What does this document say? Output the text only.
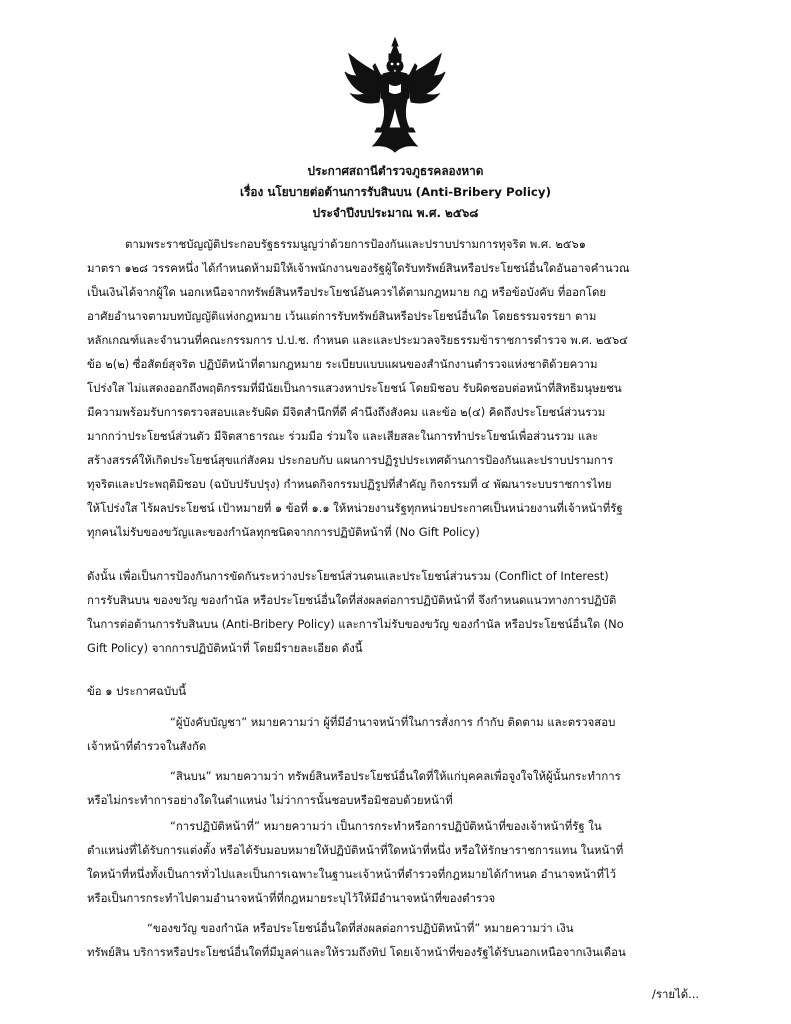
ประกาศสถานีตำรวจภูธรคลองหาด
เรื่อง นโยบายต่อต้านการรับสินบน (Anti-Bribery Policy)
ประจำปีงบประมาณ พ.ศ. ๒๕๖๘
ตามพระราชบัญญัติประกอบรัฐธรรมนูญว่าด้วยการป้องกันและปราบปรามการทุจริต พ.ศ. ๒๕๖๑
มาตรา ๑๒๘ วรรคหนึ่ง ได้กำหนดห้ามมิให้เจ้าพนักงานของรัฐผู้ใดรับทรัพย์สินหรือประโยชน์อื่นใดอันอาจคำนวณ
เป็นเงินได้จากผู้ใด นอกเหนือจากทรัพย์สินหรือประโยชน์อันควรได้ตามกฎหมาย กฎ หรือข้อบังคับ ที่ออกโดย
อาศัยอำนาจตามบทบัญญัติแห่งกฎหมาย เว้นแต่การรับทรัพย์สินหรือประโยชน์อื่นใด โดยธรรมจรรยา ตาม
หลักเกณฑ์และจำนวนที่คณะกรรมการ ป.ป.ช. กำหนด และและประมวลจริยธรรมข้าราชการตำรวจ พ.ศ. ๒๕๖๔
ข้อ ๒(๒) ซื่อสัตย์สุจริต ปฏิบัติหน้าที่ตามกฎหมาย ระเบียบแบบแผนของสำนักงานตำรวจแห่งชาติด้วยความ
โปร่งใส ไม่แสดงออกถึงพฤติกรรมที่มีนัยเป็นการแสวงหาประโยชน์ โดยมิชอบ รับผิดชอบต่อหน้าที่สิทธิมนุษยชน
มีความพร้อมรับการตรวจสอบและรับผิด มีจิตสำนึกที่ดี คำนึงถึงสังคม และข้อ ๒(๔) คิดถึงประโยชน์ส่วนรวม
มากกว่าประโยชน์ส่วนตัว มีจิตสาธารณะ ร่วมมือ ร่วมใจ และเสียสละในการทำประโยชน์เพื่อส่วนรวม และ
สร้างสรรค์ให้เกิดประโยชน์สุขแก่สังคม ประกอบกับ แผนการปฏิรูปประเทศด้านการป้องกันและปราบปรามการ
ทุจริตและประพฤติมิชอบ (ฉบับปรับปรุง) กำหนดกิจกรรมปฏิรูปที่สำคัญ กิจกรรมที่ ๔ พัฒนาระบบราชการไทย
ให้โปร่งใส ไร้ผลประโยชน์ เป้าหมายที่ ๑ ข้อที่ ๑.๑ ให้หน่วยงานรัฐทุกหน่วยประกาศเป็นหน่วยงานที่เจ้าหน้าที่รัฐ
ทุกคนไม่รับของขวัญและของกำนัลทุกชนิดจากการปฏิบัติหน้าที่ (No Gift Policy)
ดังนั้น เพื่อเป็นการป้องกันการขัดกันระหว่างประโยชน์ส่วนตนและประโยชน์ส่วนรวม (Conflict of Interest)
การรับสินบน ของขวัญ ของกำนัล หรือประโยชน์อื่นใดที่ส่งผลต่อการปฏิบัติหน้าที่ จึงกำหนดแนวทางการปฏิบัติ
ในการต่อต้านการรับสินบน (Anti-Bribery Policy) และการไม่รับของขวัญ ของกำนัล หรือประโยชน์อื่นใด (No
Gift Policy) จากการปฏิบัติหน้าที่ โดยมีรายละเอียด ดังนี้
ข้อ ๑ ประกาศฉบับนี้
“ผู้บังคับบัญชา” หมายความว่า ผู้ที่มีอำนาจหน้าที่ในการสั่งการ กำกับ ติดตาม และตรวจสอบ
เจ้าหน้าที่ตำรวจในสังกัด
“สินบน” หมายความว่า ทรัพย์สินหรือประโยชน์อื่นใดที่ให้แก่บุคคลเพื่อจูงใจให้ผู้นั้นกระทำการ
หรือไม่กระทำการอย่างใดในตำแหน่ง ไม่ว่าการนั้นชอบหรือมิชอบด้วยหน้าที่
“การปฏิบัติหน้าที่” หมายความว่า เป็นการกระทำหรือการปฏิบัติหน้าที่ของเจ้าหน้าที่รัฐ ใน
ตำแหน่งที่ได้รับการแต่งตั้ง หรือได้รับมอบหมายให้ปฏิบัติหน้าที่ใดหน้าที่หนึ่ง หรือให้รักษาราชการแทน ในหน้าที่
ใดหน้าที่หนึ่งทั้งเป็นการทั่วไปและเป็นการเฉพาะในฐานะเจ้าหน้าที่ตำรวจที่กฎหมายได้กำหนด อำนาจหน้าที่ไว้
หรือเป็นการกระทำไปตามอำนาจหน้าที่ที่กฎหมายระบุไว้ให้มีอำนาจหน้าที่ของตำรวจ
“ของขวัญ ของกำนัล หรือประโยชน์อื่นใดที่ส่งผลต่อการปฏิบัติหน้าที่” หมายความว่า เงิน
ทรัพย์สิน บริการหรือประโยชน์อื่นใดที่มีมูลค่าและให้รวมถึงทิป โดยเจ้าหน้าที่ของรัฐได้รับนอกเหนือจากเงินเดือน
/รายได้...
